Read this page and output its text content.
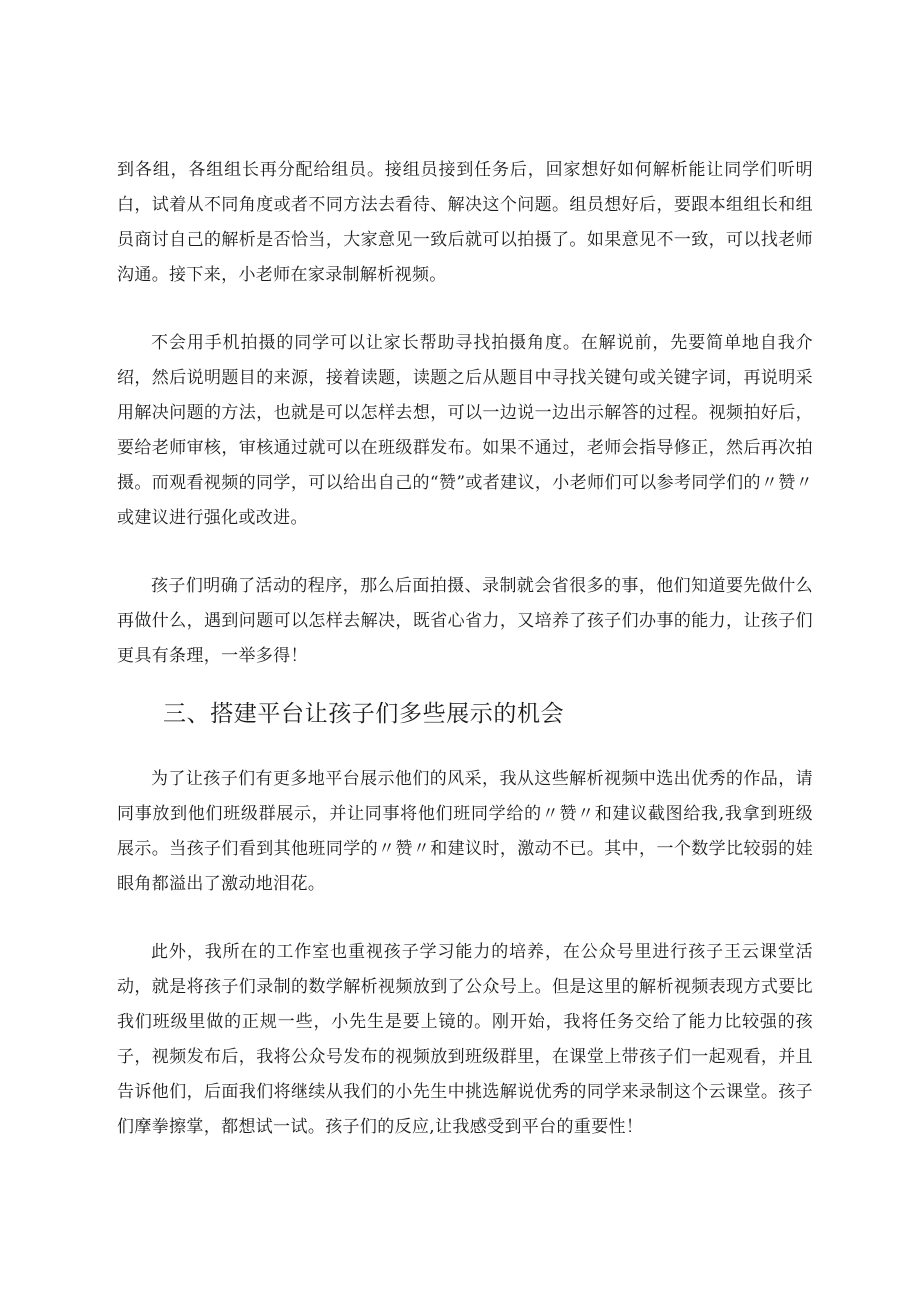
到各组，各组组长再分配给组员。接组员接到任务后，回家想好如何解析能让同学们听明白，试着从不同角度或者不同方法去看待、解决这个问题。组员想好后，要跟本组组长和组员商讨自己的解析是否恰当，大家意见一致后就可以拍摄了。如果意见不一致，可以找老师沟通。接下来，小老师在家录制解析视频。

不会用手机拍摄的同学可以让家长帮助寻找拍摄角度。在解说前，先要简单地自我介绍，然后说明题目的来源，接着读题，读题之后从题目中寻找关键句或关键字词，再说明采用解决问题的方法，也就是可以怎样去想，可以一边说一边出示解答的过程。视频拍好后，要给老师审核，审核通过就可以在班级群发布。如果不通过，老师会指导修正，然后再次拍摄。而观看视频的同学，可以给出自己的“赞”或者建议，小老师们可以参考同学们的〃赞〃或建议进行强化或改进。

孩子们明确了活动的程序，那么后面拍摄、录制就会省很多的事，他们知道要先做什么再做什么，遇到问题可以怎样去解决，既省心省力，又培养了孩子们办事的能力，让孩子们更具有条理，一举多得！

三、搭建平台让孩子们多些展示的机会

为了让孩子们有更多地平台展示他们的风采，我从这些解析视频中选出优秀的作品，请同事放到他们班级群展示，并让同事将他们班同学给的〃赞〃和建议截图给我,我拿到班级展示。当孩子们看到其他班同学的〃赞〃和建议时，激动不已。其中，一个数学比较弱的娃眼角都溢出了激动地泪花。

此外，我所在的工作室也重视孩子学习能力的培养，在公众号里进行孩子王云课堂活动，就是将孩子们录制的数学解析视频放到了公众号上。但是这里的解析视频表现方式要比我们班级里做的正规一些，小先生是要上镜的。刚开始，我将任务交给了能力比较强的孩子，视频发布后，我将公众号发布的视频放到班级群里，在课堂上带孩子们一起观看，并且告诉他们，后面我们将继续从我们的小先生中挑选解说优秀的同学来录制这个云课堂。孩子们摩拳擦掌，都想试一试。孩子们的反应,让我感受到平台的重要性！
